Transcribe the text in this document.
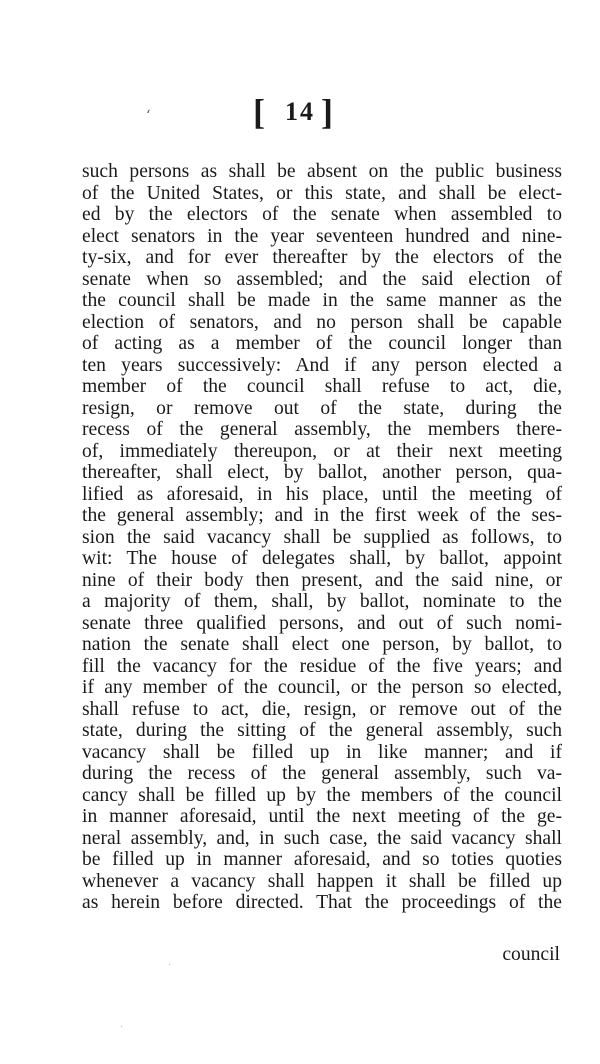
‘	[ 14 ]
such persons as shall be absent on the public business
of the United States, or this state, and shall be elect-
ed by the electors of the senate when assembled to
elect senators in the year seventeen hundred and nine-
ty-six, and for ever thereafter by the electors of the
senate when so assembled; and the said election of
the council shall be made in the same manner as the
election of senators, and no person shall be capable
of acting as a member of the council longer than
ten years successively: And if any person elected a
member of the council shall refuse to act, die,
resign, or remove out of the state, during the
recess of the general assembly, the members there-
of, immediately thereupon, or at their next meeting
thereafter, shall elect, by ballot, another person, qua-
lified as aforesaid, in his place, until the meeting of
the general assembly; and in the first week of the ses-
sion the said vacancy shall be supplied as follows, to
wit: The house of delegates shall, by ballot, appoint
nine of their body then present, and the said nine, or
a majority of them, shall, by ballot, nominate to the
senate three qualified persons, and out of such nomi-
nation the senate shall elect one person, by ballot, to
fill the vacancy for the residue of the five years; and
if any member of the council, or the person so elected,
shall refuse to act, die, resign, or remove out of the
state, during the sitting of the general assembly, such
vacancy shall be filled up in like manner; and if
during the recess of the general assembly, such va-
cancy shall be filled up by the members of the council
in manner aforesaid, until the next meeting of the ge-
neral assembly, and, in such case, the said vacancy shall
be filled up in manner aforesaid, and so toties quoties
whenever a vacancy shall happen it shall be filled up
as herein before directed. That the proceedings of the
council
·
·
